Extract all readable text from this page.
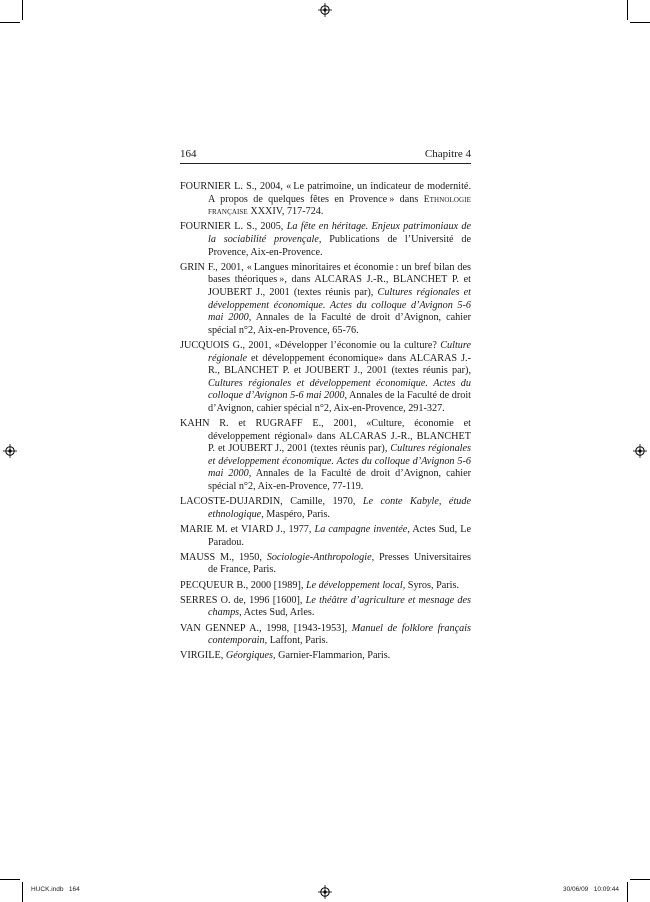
164	Chapitre 4

FOURNIER L. S., 2004, « Le patrimoine, un indicateur de modernité. A propos de quelques fêtes en Provence » dans Ethnologie française XXXIV, 717-724.

FOURNIER L. S., 2005, La fête en héritage. Enjeux patrimoniaux de la sociabilité provençale, Publications de l’Université de Provence, Aix-en-Provence.

GRIN F., 2001, « Langues minoritaires et économie : un bref bilan des bases théoriques », dans ALCARAS J.-R., BLANCHET P. et JOUBERT J., 2001 (textes réunis par), Cultures régionales et développement économique. Actes du colloque d’Avignon 5-6 mai 2000, Annales de la Faculté de droit d’Avignon, cahier spécial n°2, Aix-en-Provence, 65-76.

JUCQUOIS G., 2001, «Développer l’économie ou la culture? Culture régionale et développement économique» dans ALCARAS J.-R., BLANCHET P. et JOUBERT J., 2001 (textes réunis par), Cultures régionales et développement économique. Actes du colloque d’Avignon 5-6 mai 2000, Annales de la Faculté de droit d’Avignon, cahier spécial n°2, Aix-en-Provence, 291-327.

KAHN R. et RUGRAFF E., 2001, «Culture, économie et développement régional» dans ALCARAS J.-R., BLANCHET P. et JOUBERT J., 2001 (textes réunis par), Cultures régionales et développement économique. Actes du colloque d’Avignon 5-6 mai 2000, Annales de la Faculté de droit d’Avignon, cahier spécial n°2, Aix-en-Provence, 77-119.

LACOSTE-DUJARDIN, Camille, 1970, Le conte Kabyle, étude ethnologique, Maspéro, Paris.

MARIE M. et VIARD J., 1977, La campagne inventée, Actes Sud, Le Paradou.

MAUSS M., 1950, Sociologie-Anthropologie, Presses Universitaires de France, Paris.

PECQUEUR B., 2000 [1989], Le développement local, Syros, Paris.

SERRES O. de, 1996 [1600], Le théâtre d’agriculture et mesnage des champs, Actes Sud, Arles.

VAN GENNEP A., 1998, [1943-1953], Manuel de folklore français contemporain, Laffont, Paris.

VIRGILE, Géorgiques, Garnier-Flammarion, Paris.

HUCK.indb   164	30/06/09   10:09:44
